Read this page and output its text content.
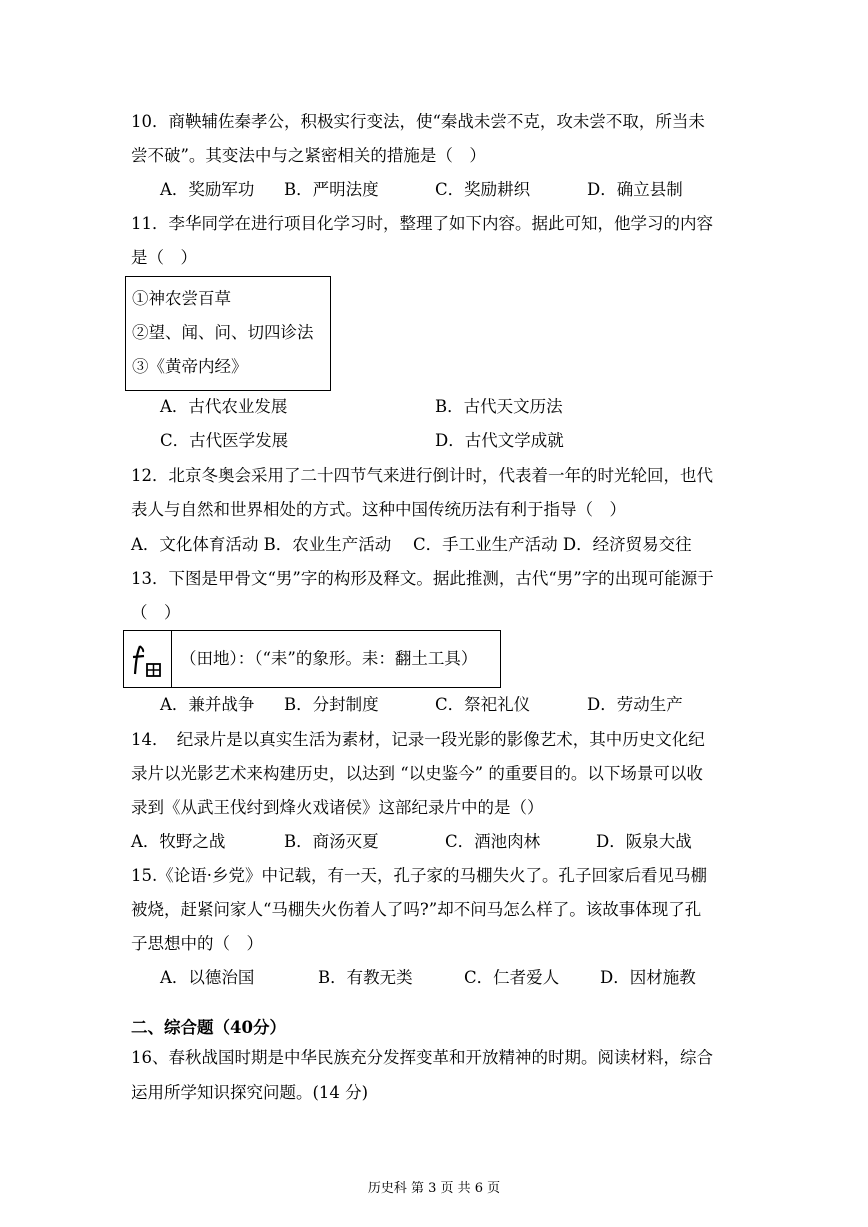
10．商鞅辅佐秦孝公，积极实行变法，使“秦战未尝不克，攻未尝不取，所当未
尝不破”。其变法中与之紧密相关的措施是（　）
A．奖励军功 B．严明法度	C．奖励耕织	D．确立县制
11．李华同学在进行项目化学习时，整理了如下内容。据此可知，他学习的内容
是（　）
①神农尝百草
②望、闻、问、切四诊法
③《黄帝内经》
A．古代农业发展	B．古代天文历法
C．古代医学发展	D．古代文学成就
12．北京冬奥会采用了二十四节气来进行倒计时，代表着一年的时光轮回，也代
表人与自然和世界相处的方式。这种中国传统历法有利于指导（　）
A．文化体育活动 B．农业生产活动　 C．手工业生产活动 D．经济贸易交往
13．下图是甲骨文“男”字的构形及释文。据此推测，古代“男”字的出现可能源于
（　）
（田地）：（“耒”的象形。耒：翻土工具）
A．兼并战争 B．分封制度	C．祭祀礼仪	D．劳动生产
14．　纪录片是以真实生活为素材，记录一段光影的影像艺术，其中历史文化纪
录片以光影艺术来构建历史，以达到 “以史鉴今” 的重要目的。以下场景可以收
录到《从武王伐纣到烽火戏诸侯》这部纪录片中的是（）
A．牧野之战	B．商汤灭夏	C．酒池肉林	D．阪泉大战
15.《论语·乡党》中记载，有一天，孔子家的马棚失火了。孔子回家后看见马棚
被烧，赶紧问家人“马棚失火伤着人了吗?”却不问马怎么样了。该故事体现了孔
子思想中的（　）
A．以德治国	B．有教无类	C．仁者爱人 D．因材施教
二、综合题（40分）
16、春秋战国时期是中华民族充分发挥变革和开放精神的时期。阅读材料，综合
运用所学知识探究问题。(14 分)
历史科 第 3 页 共 6 页
